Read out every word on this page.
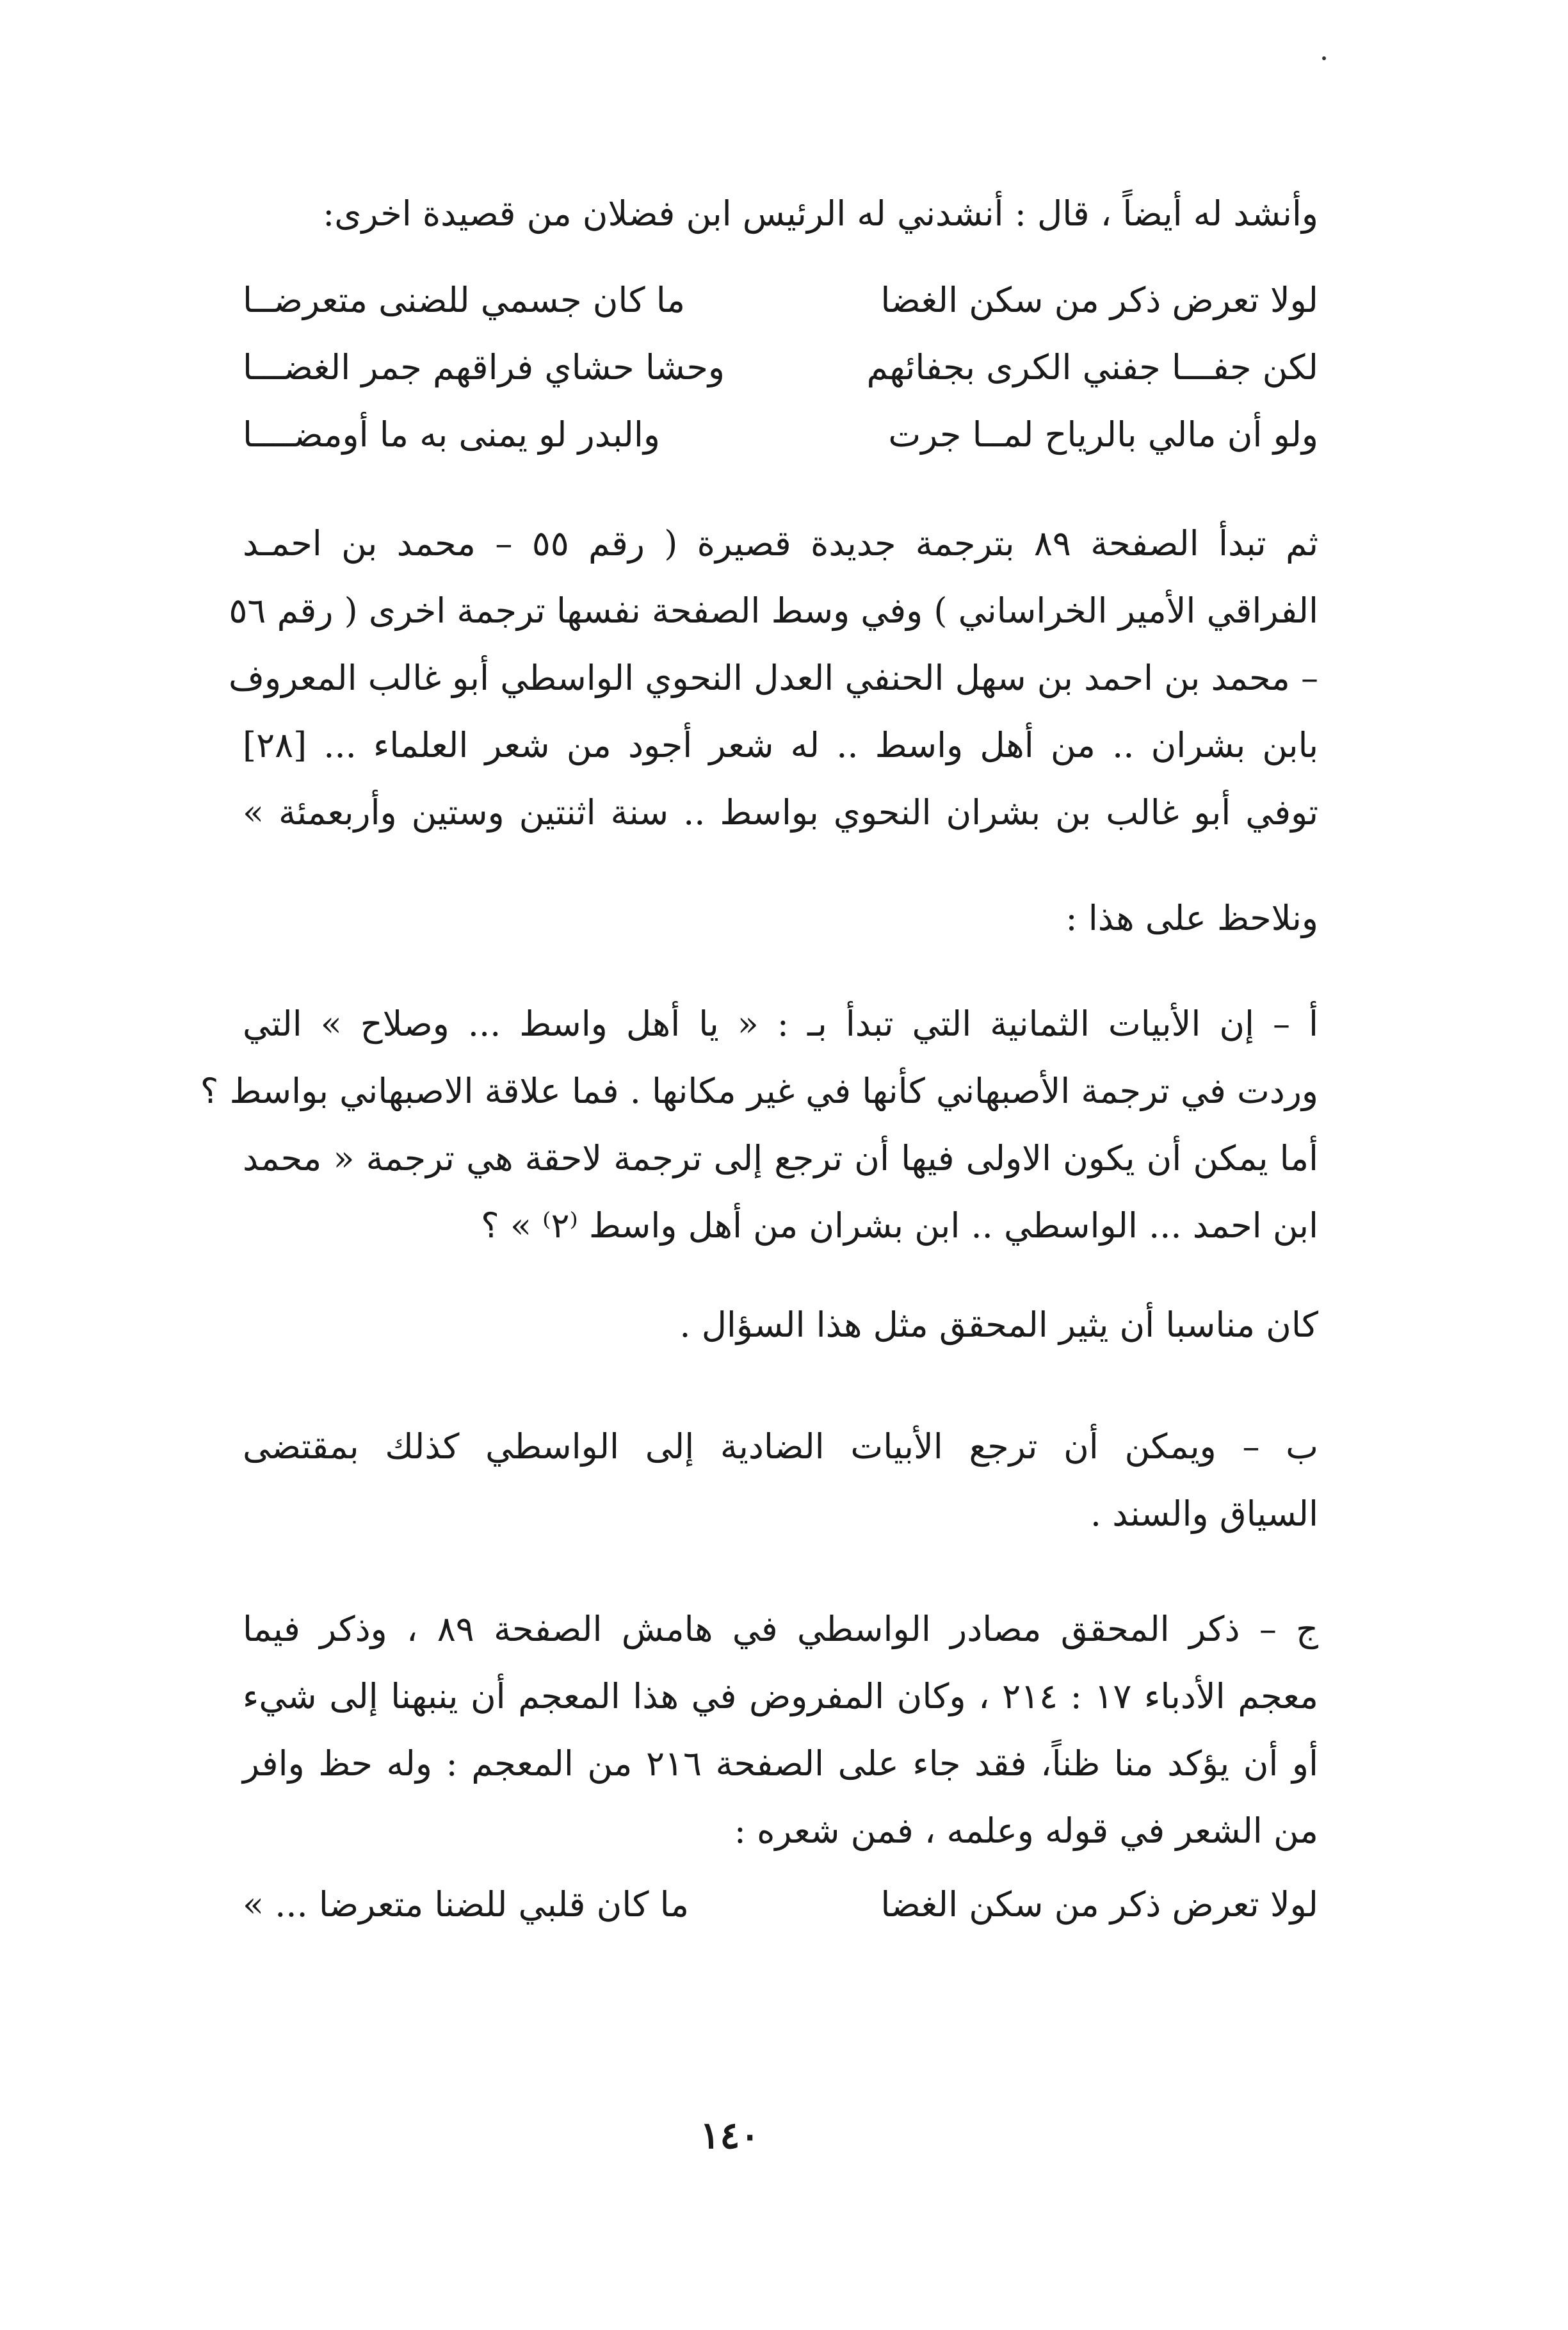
وأنشد له أيضاً ، قال : أنشدني له الرئيس ابن فضلان من قصيدة اخرى:
لولا تعرض ذكر من سكن الغضا
ما كان جسمي للضنى متعرضــا
لكن جفـــا جفني الكرى بجفائهم
وحشا حشاي فراقهم جمر الغضـــا
ولو أن مالي بالرياح لمــا جرت
والبدر لو يمنى به ما أومضــــا
ثم تبدأ الصفحة ٨٩ بترجمة جديدة قصيرة ( رقم ٥٥ – محمد بن احمـد
الفراقي الأمير الخراساني ) وفي وسط الصفحة نفسها ترجمة اخرى ( رقم ٥٦
– محمد بن احمد بن سهل الحنفي العدل النحوي الواسطي أبو غالب المعروف
بابن بشران .. من أهل واسط .. له شعر أجود من شعر العلماء ... [٢٨]
توفي أبو غالب بن بشران النحوي بواسط .. سنة اثنتين وستين وأربعمئة »
ونلاحظ على هذا :
أ – إن الأبيات الثمانية التي تبدأ بـ : « يا أهل واسط ... وصلاح » التي
وردت في ترجمة الأصبهاني كأنها في غير مكانها . فما علاقة الاصبهاني بواسط ؟
أما يمكن أن يكون الاولى فيها أن ترجع إلى ترجمة لاحقة هي ترجمة « محمد
ابن احمد ... الواسطي .. ابن بشران من أهل واسط ⁽٢⁾ » ؟
كان مناسبا أن يثير المحقق مثل هذا السؤال .
ب – ويمكن أن ترجع الأبيات الضادية إلى الواسطي كذلك بمقتضى
السياق والسند .
ج – ذكر المحقق مصادر الواسطي في هامش الصفحة ٨٩ ، وذكر فيما
معجم الأدباء ١٧ : ٢١٤ ، وكان المفروض في هذا المعجم أن ينبهنا إلى شيء
أو أن يؤكد منا ظناً، فقد جاء على الصفحة ٢١٦ من المعجم : وله حظ وافر
من الشعر في قوله وعلمه ، فمن شعره :
لولا تعرض ذكر من سكن الغضا
ما كان قلبي للضنا متعرضا ... »
١٤٠
